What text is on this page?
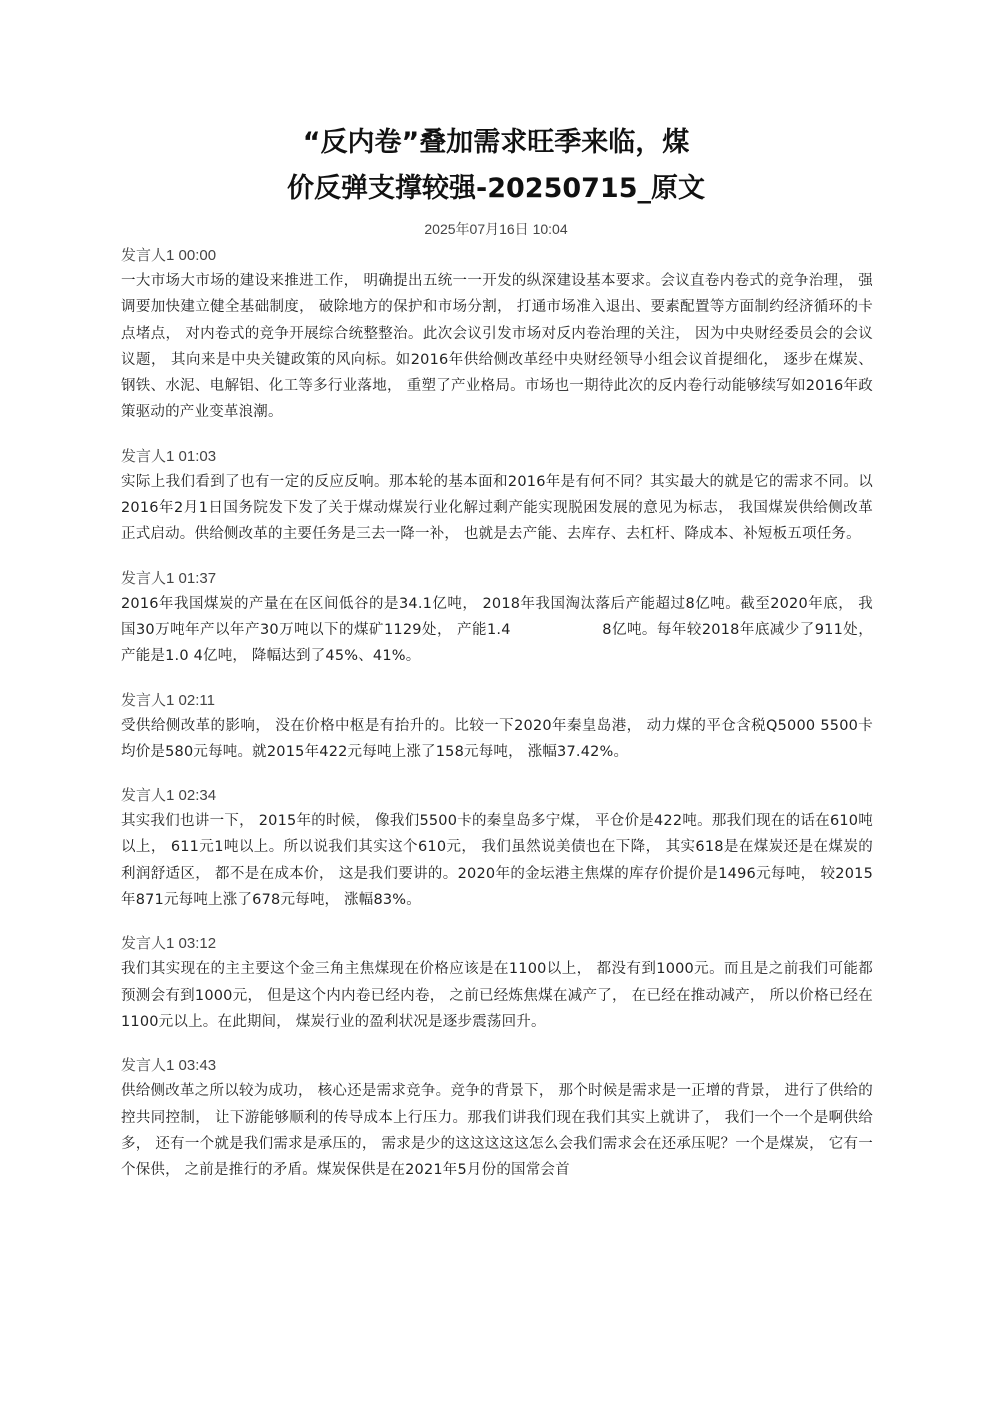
“反内卷”叠加需求旺季来临，煤
价反弹支撑较强-20250715_原文
2025年07月16日 10:04

发言人1 00:00

一大市场大市场的建设来推进工作， 明确提出五统一一开发的纵深建设基本要求。会议直卷内卷式的竞争治理， 强调要加快建立健全基础制度， 破除地方的保护和市场分割， 打通市场准入退出、要素配置等方面制约经济循环的卡点堵点， 对内卷式的竞争开展综合统整整治。此次会议引发市场对反内卷治理的关注， 因为中央财经委员会的会议议题， 其向来是中央关键政策的风向标。如2016年供给侧改革经中央财经领导小组会议首提细化， 逐步在煤炭、钢铁、水泥、电解铝、化工等多行业落地， 重塑了产业格局。市场也一期待此次的反内卷行动能够续写如2016年政策驱动的产业变革浪潮。

发言人1 01:03

实际上我们看到了也有一定的反应反响。那本轮的基本面和2016年是有何不同？其实最大的就是它的需求不同。以2016年2月1日国务院发下发了关于煤动煤炭行业化解过剩产能实现脱困发展的意见为标志， 我国煤炭供给侧改革正式启动。供给侧改革的主要任务是三去一降一补， 也就是去产能、去库存、去杠杆、降成本、补短板五项任务。

发言人1 01:37

2016年我国煤炭的产量在在区间低谷的是34.1亿吨， 2018年我国淘汰落后产能超过8亿吨。截至2020年底， 我国30万吨年产以年产30万吨以下的煤矿1129处， 产能1.4                  8亿吨。每年较2018年底减少了911处， 产能是1.0 4亿吨， 降幅达到了45%、41%。

发言人1 02:11

受供给侧改革的影响， 没在价格中枢是有抬升的。比较一下2020年秦皇岛港， 动力煤的平仓含税Q5000 5500卡均价是580元每吨。就2015年422元每吨上涨了158元每吨， 涨幅37.42%。

发言人1 02:34

其实我们也讲一下， 2015年的时候， 像我们5500卡的秦皇岛多宁煤， 平仓价是422吨。那我们现在的话在610吨以上， 611元1吨以上。所以说我们其实这个610元， 我们虽然说美债也在下降， 其实618是在煤炭还是在煤炭的利润舒适区， 都不是在成本价， 这是我们要讲的。2020年的金坛港主焦煤的库存价提价是1496元每吨， 较2015年871元每吨上涨了678元每吨， 涨幅83%。

发言人1 03:12

我们其实现在的主主要这个金三角主焦煤现在价格应该是在1100以上， 都没有到1000元。而且是之前我们可能都预测会有到1000元， 但是这个内内卷已经内卷， 之前已经炼焦煤在减产了， 在已经在推动减产， 所以价格已经在1100元以上。在此期间， 煤炭行业的盈利状况是逐步震荡回升。

发言人1 03:43

供给侧改革之所以较为成功， 核心还是需求竞争。竞争的背景下， 那个时候是需求是一正增的背景， 进行了供给的控共同控制， 让下游能够顺利的传导成本上行压力。那我们讲我们现在我们其实上就讲了， 我们一个一个是啊供给多， 还有一个就是我们需求是承压的， 需求是少的这这这这这怎么会我们需求会在还承压呢？一个是煤炭， 它有一个保供， 之前是推行的矛盾。煤炭保供是在2021年5月份的国常会首
